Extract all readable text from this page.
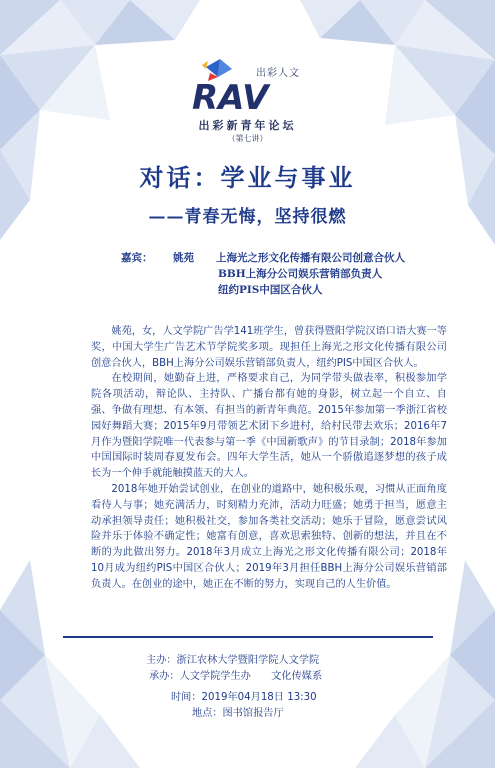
RAV
出彩人文
出彩新青年论坛
（第七讲）
对话：学业与事业
——青春无悔，坚持很燃
嘉宾： 姚苑 上海光之形文化传播有限公司创意合伙人
BBH上海分公司娱乐营销部负责人
纽约PIS中国区合伙人

姚苑，女，人文学院广告学141班学生，曾获得暨阳学院汉语口语大赛一等奖，中国大学生广告艺术节学院奖多项。现担任上海光之形文化传播有限公司创意合伙人，BBH上海分公司娱乐营销部负责人，纽约PIS中国区合伙人。

在校期间，她勤奋上进，严格要求自己，为同学带头做表率，积极参加学院各项活动，辩论队、主持队、广播台都有她的身影，树立起一个自立、自强、争做有理想、有本领、有担当的新青年典范。2015年参加第一季浙江省校园好舞蹈大赛；2015年9月带领艺术团下乡进村，给村民带去欢乐；2016年7月作为暨阳学院唯一代表参与第一季《中国新歌声》的节目录制；2018年参加中国国际时装周春夏发布会。四年大学生活，她从一个骄傲追逐梦想的孩子成长为一个伸手就能触摸蓝天的大人。

2018年她开始尝试创业，在创业的道路中，她积极乐观，习惯从正面角度看待人与事；她充满活力，时刻精力充沛，活动力旺盛；她勇于担当，愿意主动承担领导责任；她积极社交，参加各类社交活动；她乐于冒险，愿意尝试风险并乐于体验不确定性；她富有创意，喜欢思索独特、创新的想法，并且在不断的为此做出努力。2018年3月成立上海光之形文化传播有限公司；2018年10月成为纽约PIS中国区合伙人；2019年3月担任BBH上海分公司娱乐营销部负责人。在创业的途中，她正在不断的努力，实现自己的人生价值。

主办：浙江农林大学暨阳学院人文学院
承办：人文学院学生办　　文化传媒系
时间：2019年04月18日 13:30
地点：图书馆报告厅
